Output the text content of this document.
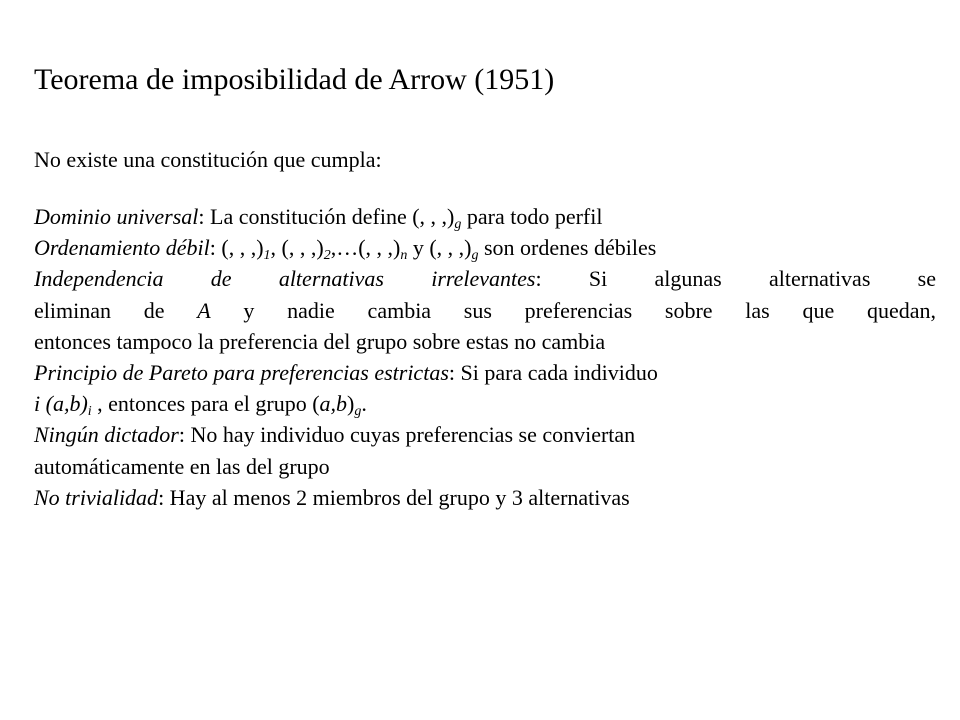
Teorema de imposibilidad de Arrow (1951)
No existe una constitución que cumpla:
Dominio universal: La constitución define (, , $,)_g$ para todo perfil
Ordenamiento débil: (, , $,)_1$, (, , $,)_2,\dots$(, , $,)_n$ y (, , $,)_g$ son ordenes débiles
Independencia de alternativas irrelevantes: Si algunas alternativas se
eliminan de A y nadie cambia sus preferencias sobre las que quedan,
entonces tampoco la preferencia del grupo sobre estas no cambia
Principio de Pareto para preferencias estrictas: Si para cada individuo
i $(a,b)_i$ , entonces para el grupo $(a,b)_g$.
Ningún dictador: No hay individuo cuyas preferencias se conviertan
automáticamente en las del grupo
No trivialidad: Hay al menos 2 miembros del grupo y 3 alternativas
